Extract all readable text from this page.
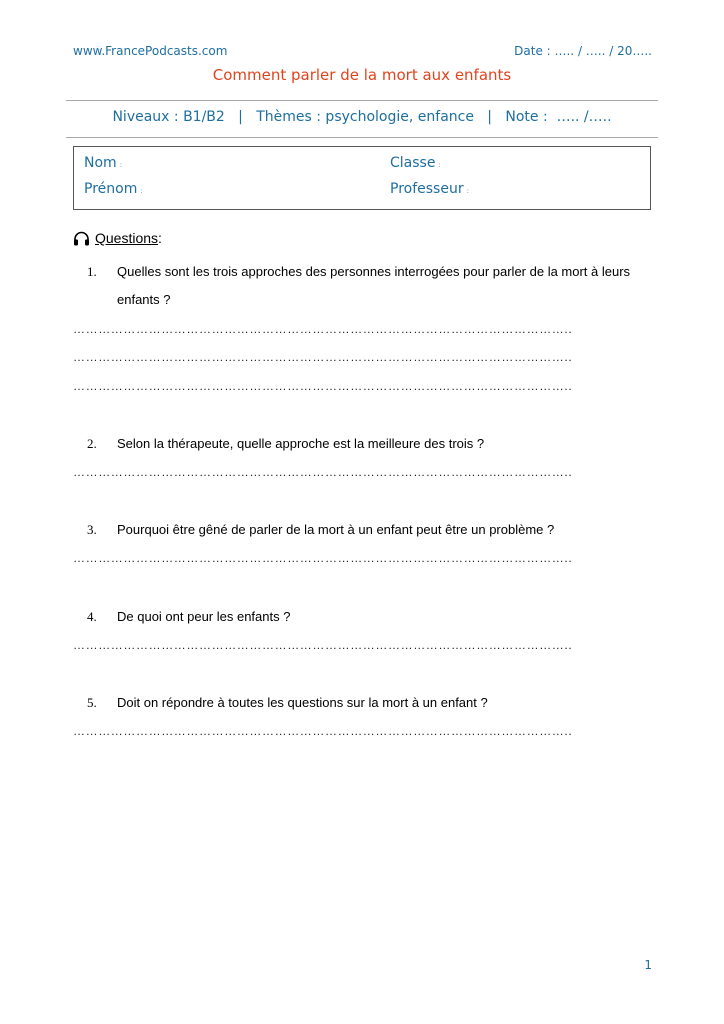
www.FrancePodcasts.com	Date : ….. / ….. / 20…..
Comment parler de la mort aux enfants
Niveaux : B1/B2   |   Thèmes : psychologie, enfance   |   Note :  ….. /…..
Nom :	Classe :
Prénom :	Professeur :
Questions :
1. Quelles sont les trois approches des personnes interrogées pour parler de la mort à leurs
enfants ?
………………………………………………………………………………………………………..
………………………………………………………………………………………………………..
………………………………………………………………………………………………………..
2. Selon la thérapeute, quelle approche est la meilleure des trois ?
………………………………………………………………………………………………………..
3. Pourquoi être gêné de parler de la mort à un enfant peut être un problème ?
………………………………………………………………………………………………………..
4. De quoi ont peur les enfants ?
………………………………………………………………………………………………………..
5. Doit on répondre à toutes les questions sur la mort à un enfant ?
………………………………………………………………………………………………………..
1
